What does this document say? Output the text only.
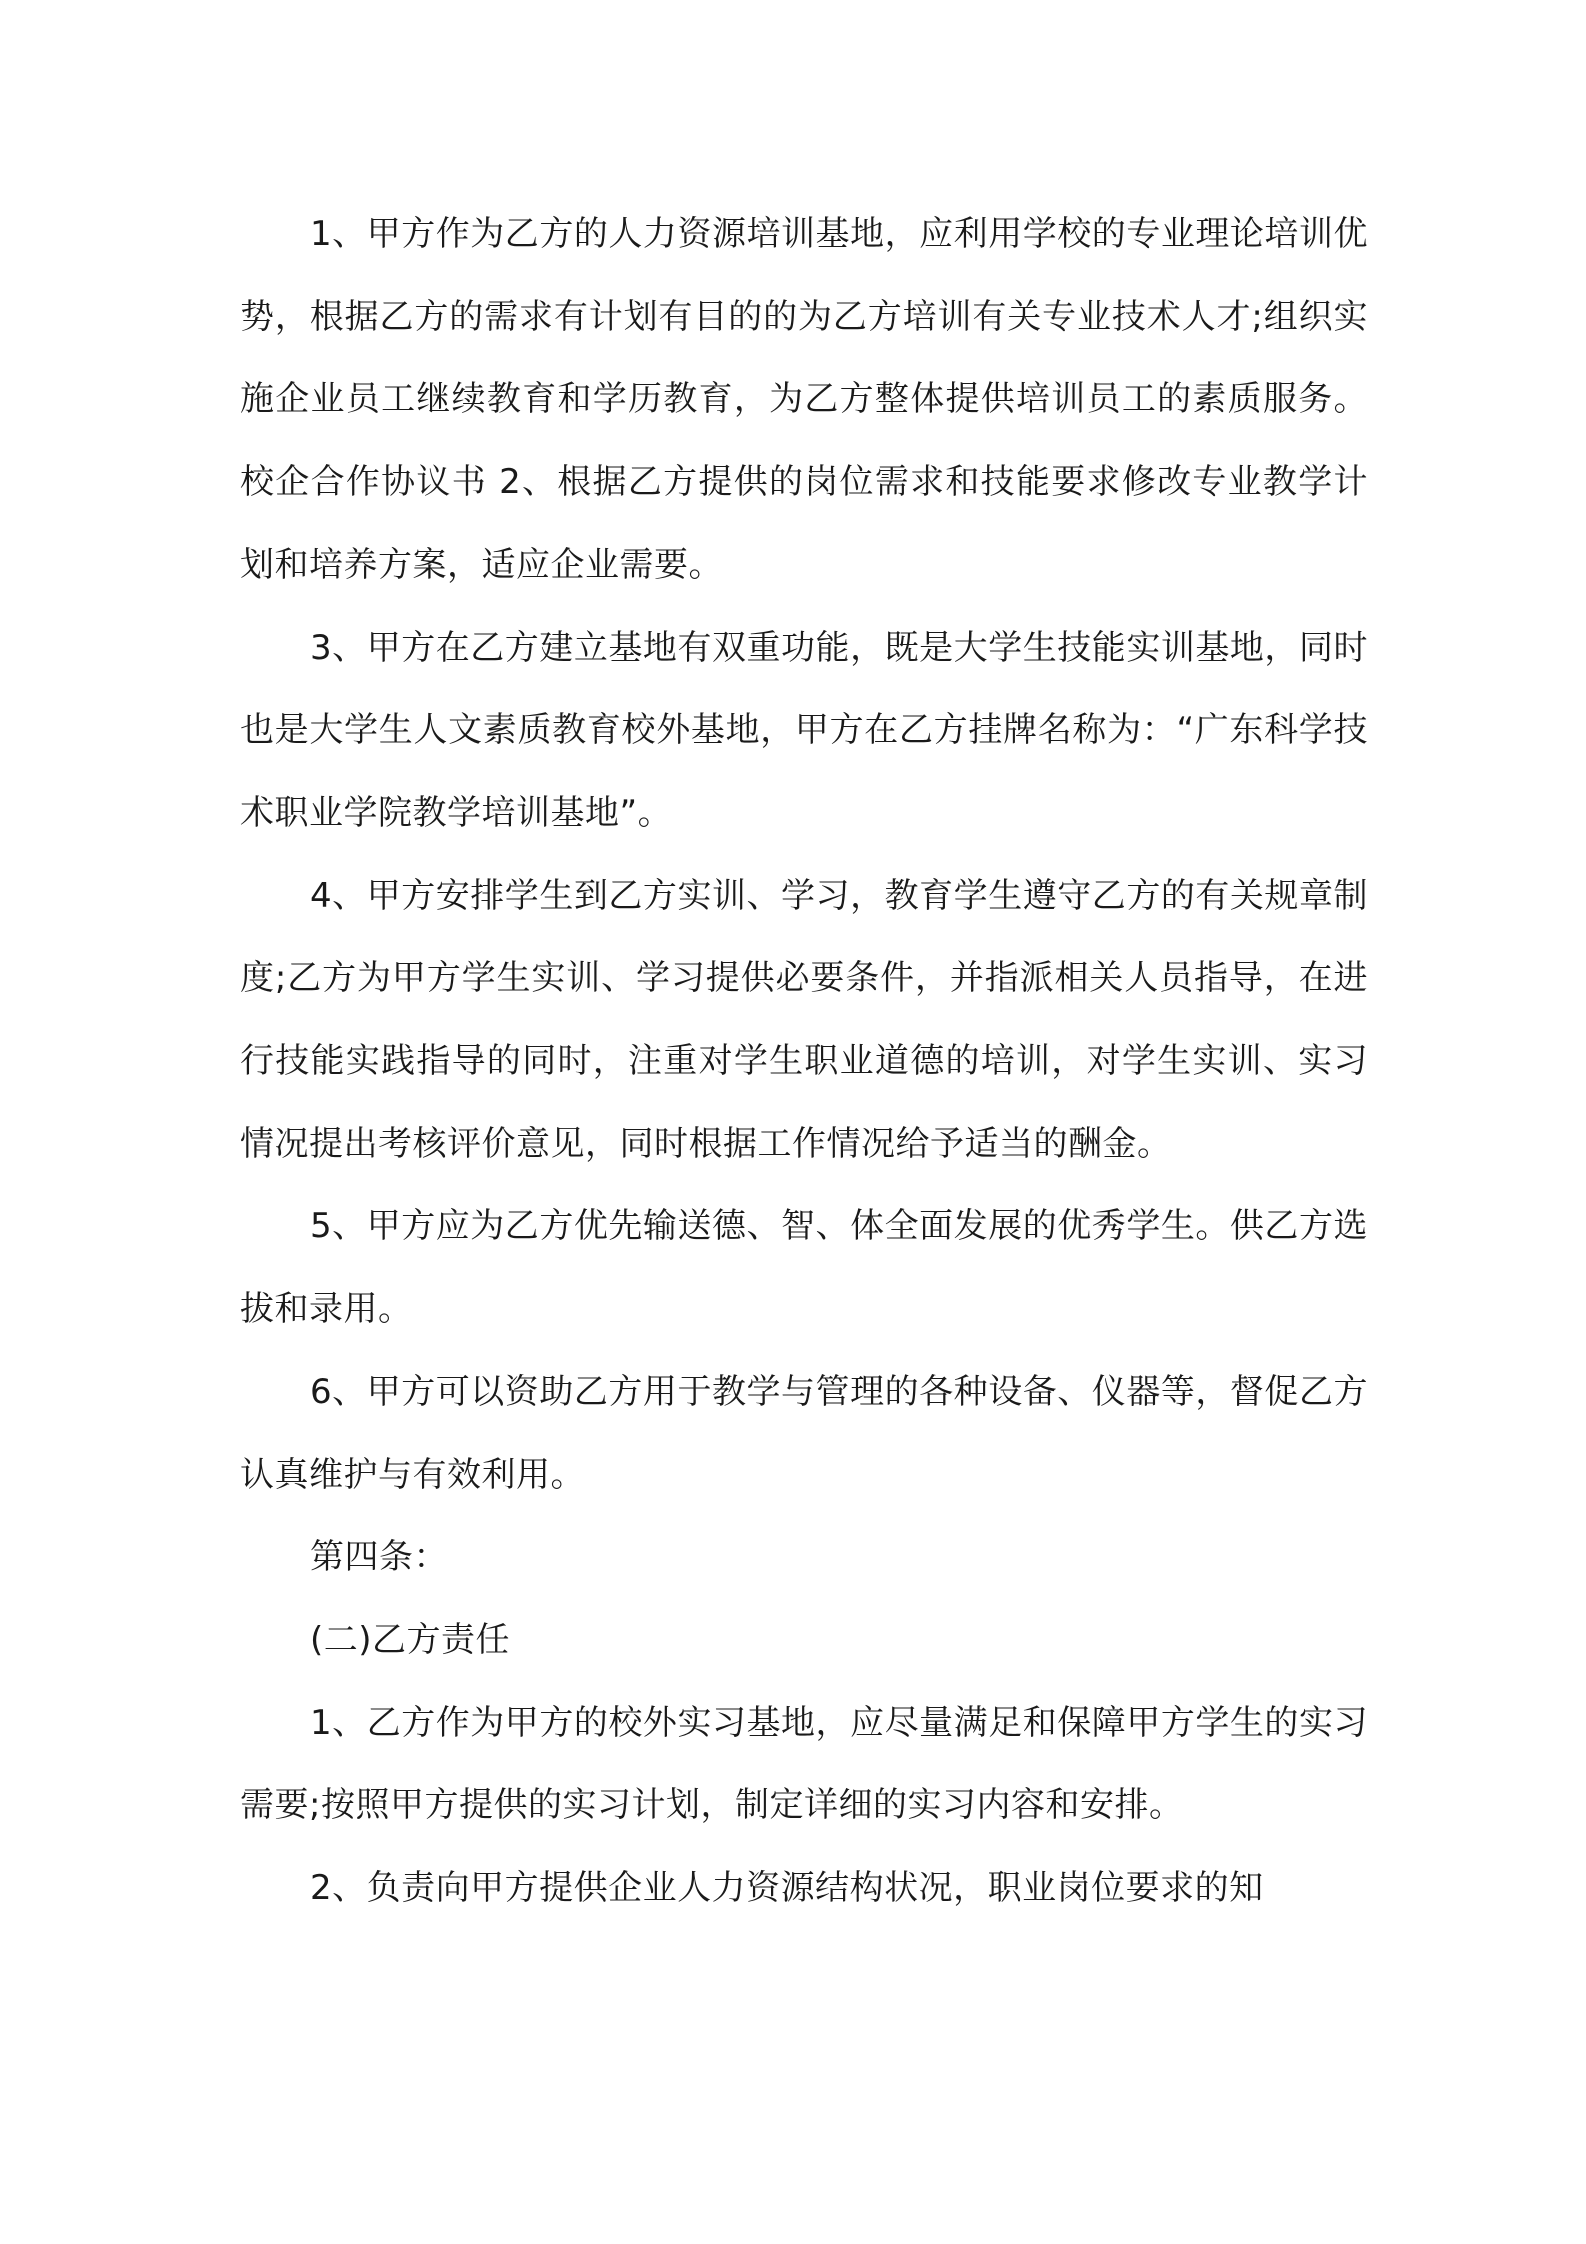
1、甲方作为乙方的人力资源培训基地，应利用学校的专业理论培训优势，根据乙方的需求有计划有目的的为乙方培训有关专业技术人才;组织实施企业员工继续教育和学历教育，为乙方整体提供培训员工的素质服务。校企合作协议书 2、根据乙方提供的岗位需求和技能要求修改专业教学计划和培养方案，适应企业需要。

3、甲方在乙方建立基地有双重功能，既是大学生技能实训基地，同时也是大学生人文素质教育校外基地，甲方在乙方挂牌名称为：“广东科学技术职业学院教学培训基地”。

4、甲方安排学生到乙方实训、学习，教育学生遵守乙方的有关规章制度;乙方为甲方学生实训、学习提供必要条件，并指派相关人员指导，在进行技能实践指导的同时，注重对学生职业道德的培训，对学生实训、实习情况提出考核评价意见，同时根据工作情况给予适当的酬金。

5、甲方应为乙方优先输送德、智、体全面发展的优秀学生。供乙方选拔和录用。

6、甲方可以资助乙方用于教学与管理的各种设备、仪器等，督促乙方认真维护与有效利用。

第四条：

(二)乙方责任

1、乙方作为甲方的校外实习基地，应尽量满足和保障甲方学生的实习需要;按照甲方提供的实习计划，制定详细的实习内容和安排。

2、负责向甲方提供企业人力资源结构状况，职业岗位要求的知
